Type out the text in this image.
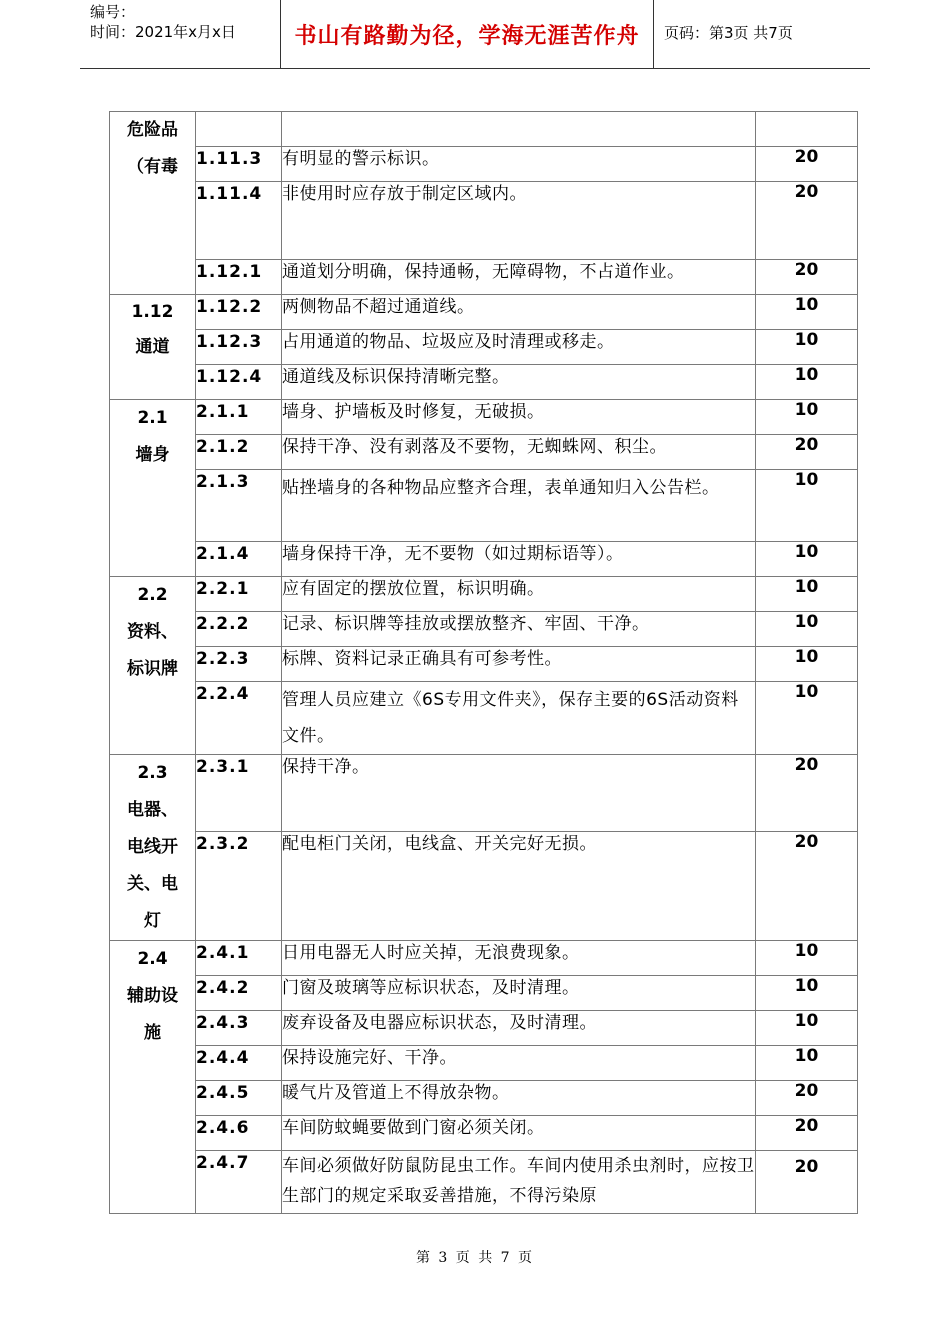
编号：
时间：2021年x月x日	书山有路勤为径，学海无涯苦作舟	页码：第3页 共7页
危险品
（有毒			

	1.11.3	有明显的警示标识。	20
	1.11.4	非使用时应存放于制定区域内。	20
	1.12.1	通道划分明确，保持通畅，无障碍物，不占道作业。	20

1.12
通道	1.12.2	两侧物品不超过通道线。	10
	1.12.3	占用通道的物品、垃圾应及时清理或移走。	10
	1.12.4	通道线及标识保持清晰完整。	10

2.1
墙身	2.1.1	墙身、护墙板及时修复，无破损。	10
	2.1.2	保持干净、没有剥落及不要物，无蜘蛛网、积尘。	20
	2.1.3	贴挫墙身的各种物品应整齐合理，表单通知归入公告栏。	10
	2.1.4	墙身保持干净，无不要物（如过期标语等）。	10

2.2
资料、
标识牌	2.2.1	应有固定的摆放位置，标识明确。	10
	2.2.2	记录、标识牌等挂放或摆放整齐、牢固、干净。	10
	2.2.3	标牌、资料记录正确具有可参考性。	10
	2.2.4	管理人员应建立《6S专用文件夹》，保存主要的6S活动资料文件。	10

2.3
电器、
电线开
关、电
灯	2.3.1	保持干净。	20
	2.3.2	配电柜门关闭，电线盒、开关完好无损。	20

2.4
辅助设
施	2.4.1	日用电器无人时应关掉，无浪费现象。	10
	2.4.2	门窗及玻璃等应标识状态，及时清理。	10
	2.4.3	废弃设备及电器应标识状态，及时清理。	10
	2.4.4	保持设施完好、干净。	10
	2.4.5	暖气片及管道上不得放杂物。	20
	2.4.6	车间防蚊蝇要做到门窗必须关闭。	20
	2.4.7	车间必须做好防鼠防昆虫工作。车间内使用杀虫剂时，应按卫生部门的规定采取妥善措施，不得污染原	20
第 3 页 共 7 页
